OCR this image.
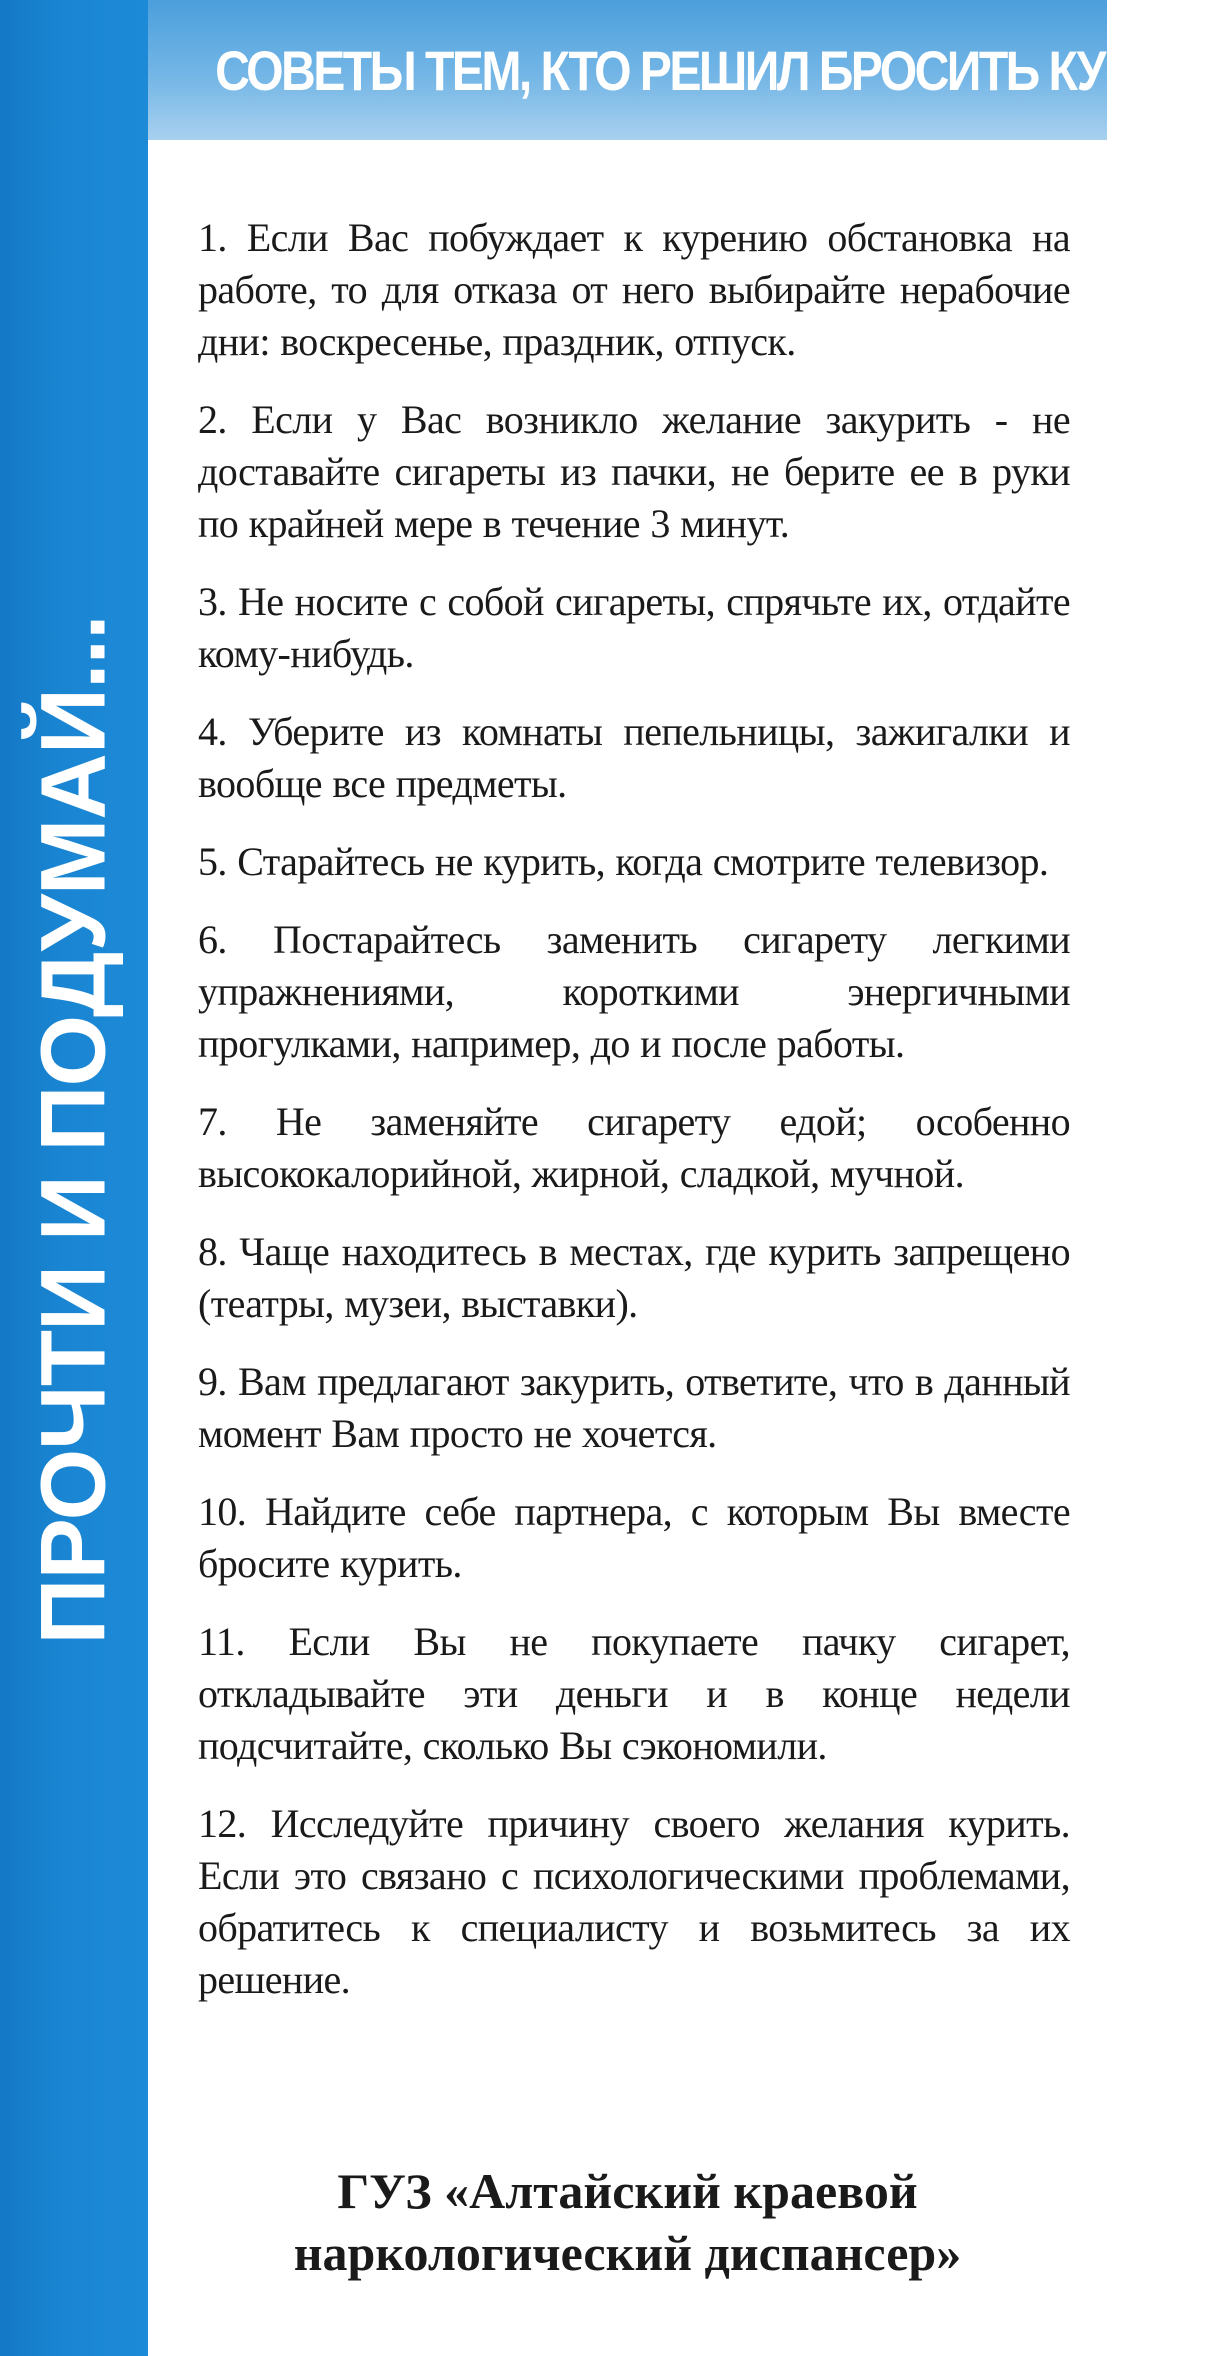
ПРОЧТИ И ПОДУМАЙ...
СОВЕТЫ ТЕМ, КТО РЕШИЛ БРОСИТЬ КУРИТЬ
1. Если Вас побуждает к курению обстановка на работе, то для отказа от него выбирайте нерабочие дни: воскресенье, праздник, отпуск.
2. Если у Вас возникло желание закурить - не доставайте сигареты из пачки, не берите ее в руки по крайней мере в течение 3 минут.
3. Не носите с собой сигареты, спрячьте их, отдайте кому-нибудь.
4. Уберите из комнаты пепельницы, зажигалки и вообще все предметы.
5. Старайтесь не курить, когда смотрите телевизор.
6. Постарайтесь заменить сигарету легкими упражнениями, короткими энергичными прогулками, например, до и после работы.
7. Не заменяйте сигарету едой; особенно высококалорийной, жирной, сладкой, мучной.
8. Чаще находитесь в местах, где курить запрещено (театры, музеи, выставки).
9. Вам предлагают закурить, ответите, что в данный момент Вам просто не хочется.
10. Найдите себе партнера, с которым Вы вместе бросите курить.
11. Если Вы не покупаете пачку сигарет, откладывайте эти деньги и в конце недели подсчитайте, сколько Вы сэкономили.
12. Исследуйте причину своего желания курить. Если это связано с психологическими проблемами, обратитесь к специалисту и возьмитесь за их решение.
ГУЗ «Алтайский краевой
наркологический диспансер»
